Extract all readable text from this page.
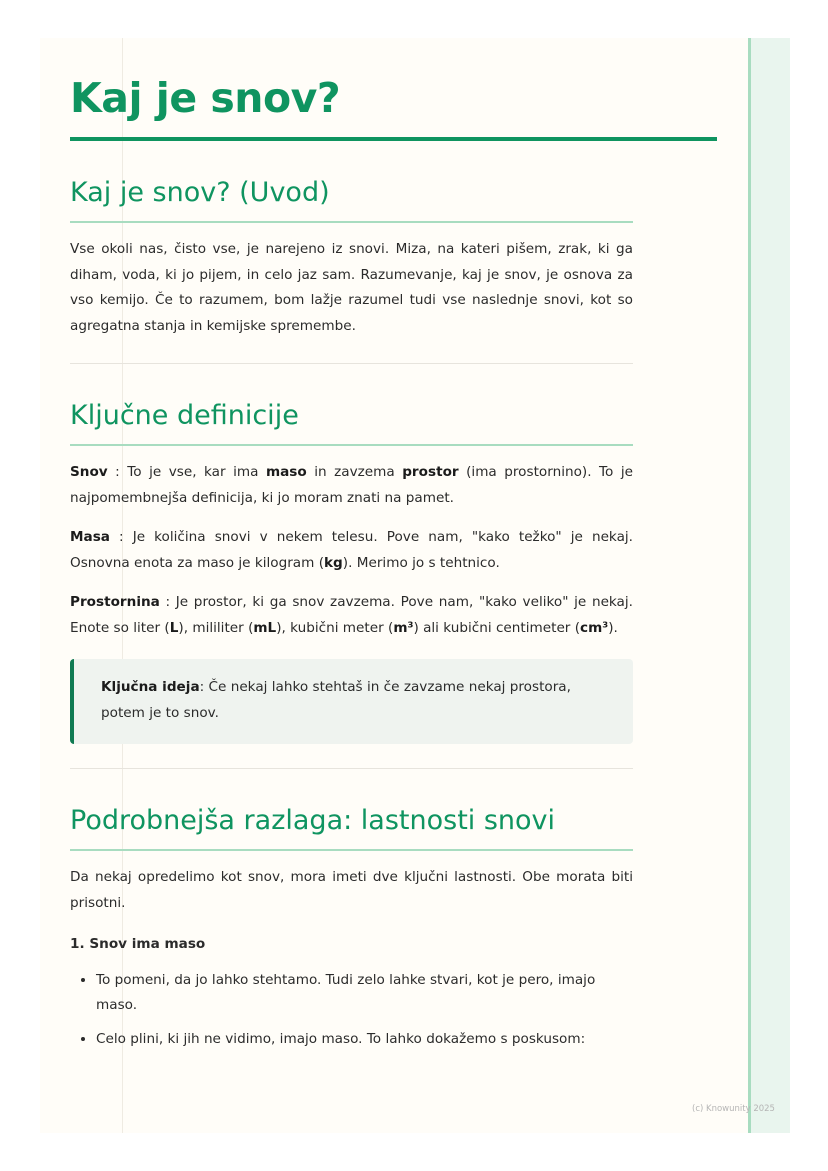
Kaj je snov?
Kaj je snov? (Uvod)

Vse okoli nas, čisto vse, je narejeno iz snovi. Miza, na kateri pišem, zrak, ki ga diham, voda, ki jo pijem, in celo jaz sam. Razumevanje, kaj je snov, je osnova za vso kemijo. Če to razumem, bom lažje razumel tudi vse naslednje snovi, kot so agregatna stanja in kemijske spremembe.

Ključne definicije

Snov : To je vse, kar ima maso in zavzema prostor (ima prostornino). To je najpomembnejša definicija, ki jo moram znati na pamet.

Masa : Je količina snovi v nekem telesu. Pove nam, "kako težko" je nekaj. Osnovna enota za maso je kilogram (kg). Merimo jo s tehtnico.

Prostornina : Je prostor, ki ga snov zavzema. Pove nam, "kako veliko" je nekaj. Enote so liter (L), mililiter (mL), kubični meter (m³) ali kubični centimeter (cm³).

Ključna ideja: Če nekaj lahko stehtaš in če zavzame nekaj prostora, potem je to snov.

Podrobnejša razlaga: lastnosti snovi

Da nekaj opredelimo kot snov, mora imeti dve ključni lastnosti. Obe morata biti prisotni.

1. Snov ima maso

• To pomeni, da jo lahko stehtamo. Tudi zelo lahke stvari, kot je pero, imajo maso.
• Celo plini, ki jih ne vidimo, imajo maso. To lahko dokažemo s poskusom:
(c) Knowunity 2025
